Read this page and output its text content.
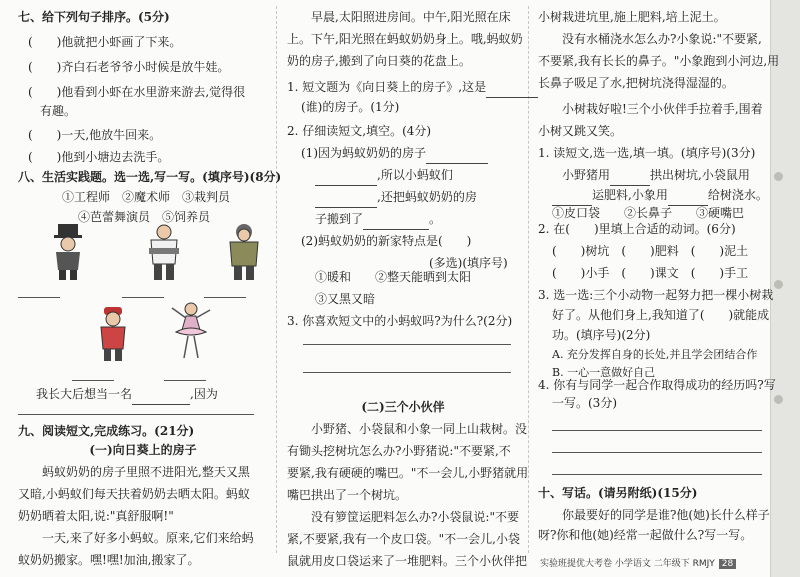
七、给下列句子排序。(5分)
(　　)他就把小虾画了下来。
(　　)齐白石老爷爷小时候是放牛娃。
(　　)他看到小虾在水里游来游去,觉得很
有趣。
(　　)一天,他放牛回来。
(　　)他到小塘边去洗手。
八、生活实践题。选一选,写一写。(填序号)(8分)
①工程师　②魔术师　③栽判员
④芭蕾舞演员　⑤饲养员
我长大后想当一名	,因为
九、阅读短文,完成练习。(21分)
(一)向日葵上的房子
　　蚂蚁奶奶的房子里照不进阳光,整天又黑
又暗,小蚂蚁们每天扶着奶奶去晒太阳。蚂蚁
奶奶晒着太阳,说:"真舒服啊!"
　　一天,来了好多小蚂蚁。原来,它们来给蚂
蚁奶奶搬家。嘿!嘿!加油,搬家了。
　　早晨,太阳照进房间。中午,阳光照在床
上。下午,阳光照在蚂蚁奶奶身上。哦,蚂蚁奶
奶的房子,搬到了向日葵的花盘上。
1. 短文题为《向日葵上的房子》,这是
(谁)的房子。(1分)
2. 仔细读短文,填空。(4分)
(1)因为蚂蚁奶奶的房子
,所以小蚂蚁们
,还把蚂蚁奶奶的房
子搬到了	。
(2)蚂蚁奶奶的新家特点是(　　)
(多选)(填序号)
①暖和　　②整天能晒到太阳
③又黑又暗
3. 你喜欢短文中的小蚂蚁吗?为什么?(2分)
(二)三个小伙伴
　　小野猪、小袋鼠和小象一同上山栽树。没
有锄头挖树坑怎么办?小野猪说:"不要紧,不
要紧,我有硬硬的嘴巴。"不一会儿,小野猪就用
嘴巴拱出了一个树坑。
　　没有箩筐运肥料怎么办?小袋鼠说:"不要
紧,不要紧,我有一个皮口袋。"不一会儿,小袋
鼠就用皮口袋运来了一堆肥料。三个小伙伴把
小树栽进坑里,施上肥料,培上泥土。
　　没有水桶浇水怎么办?小象说:"不要紧,
不要紧,我有长长的鼻子。"小象跑到小河边,用
长鼻子吸足了水,把树坑浇得湿湿的。
　　小树栽好啦!三个小伙伴手拉着手,围着
小树又跳又笑。
1. 读短文,选一选,填一填。(填序号)(3分)
小野猪用	拱出树坑,小袋鼠用
运肥料,小象用	给树浇水。
①皮口袋　　②长鼻子　　③硬嘴巴
2. 在(　　)里填上合适的动词。(6分)
(　　)树坑　(　　)肥料　(　　)泥土
(　　)小手　(　　)课文　(　　)手工
3. 选一选:三个小动物一起努力把一棵小树栽
好了。从他们身上,我知道了(　　)就能成
功。(填序号)(2分)
A. 充分发挥自身的长处,并且学会团结合作
B. 一心一意做好自己
4. 你有与同学一起合作取得成功的经历吗?写
一写。(3分)
十、写话。(请另附纸)(15分)
　　你最要好的同学是谁?他(她)长什么样子
呀?你和他(她)经常一起做什么?写一写。
实验班提优大考卷 小学语文 二年级下 RMJY 28
